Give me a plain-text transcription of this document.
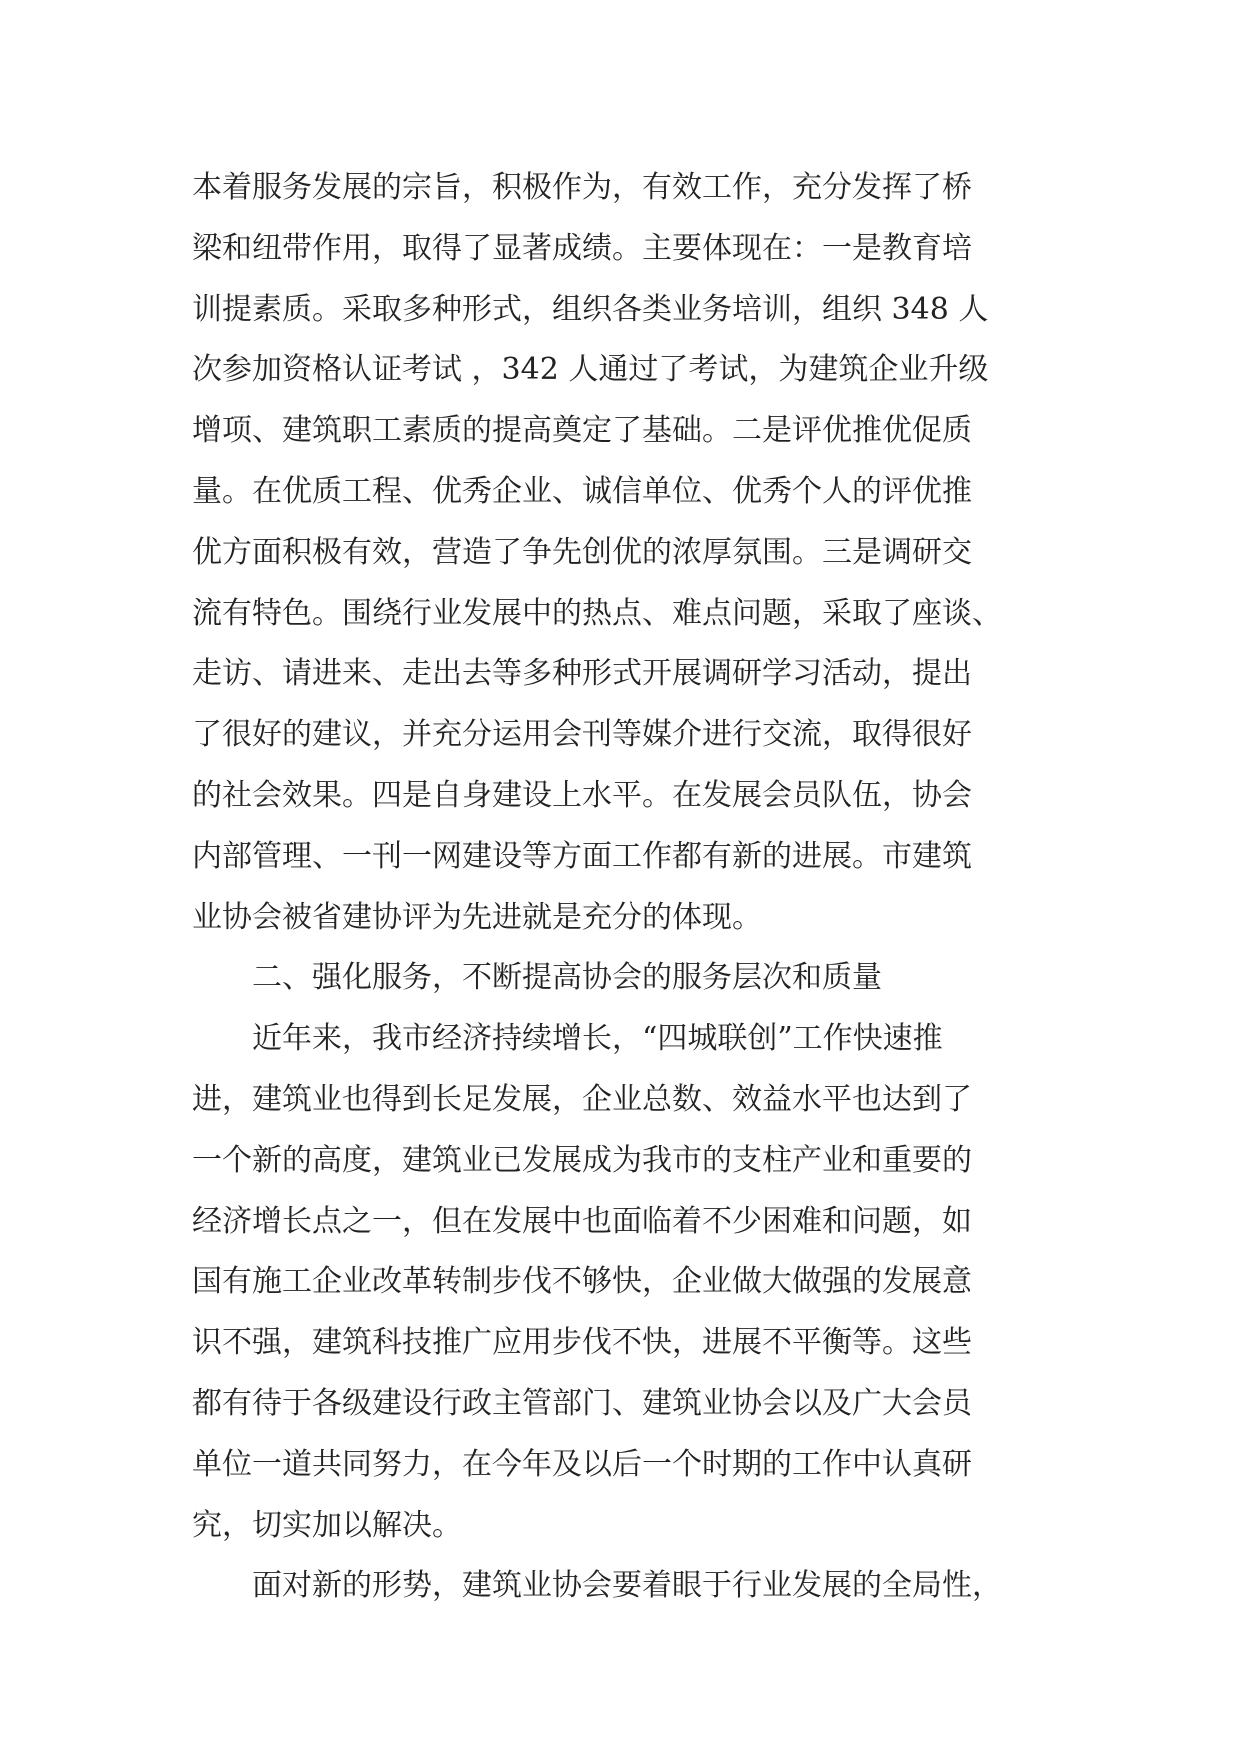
本着服务发展的宗旨，积极作为，有效工作，充分发挥了桥
梁和纽带作用，取得了显著成绩。主要体现在：一是教育培
训提素质。采取多种形式，组织各类业务培训，组织 348 人
次参加资格认证考试 ，342 人通过了考试，为建筑企业升级
增项、建筑职工素质的提高奠定了基础。二是评优推优促质
量。在优质工程、优秀企业、诚信单位、优秀个人的评优推
优方面积极有效，营造了争先创优的浓厚氛围。三是调研交
流有特色。围绕行业发展中的热点、难点问题，采取了座谈、
走访、请进来、走出去等多种形式开展调研学习活动，提出
了很好的建议，并充分运用会刊等媒介进行交流，取得很好
的社会效果。四是自身建设上水平。在发展会员队伍，协会
内部管理、一刊一网建设等方面工作都有新的进展。市建筑
业协会被省建协评为先进就是充分的体现。
二、强化服务，不断提高协会的服务层次和质量
近年来，我市经济持续增长，“四城联创”工作快速推
进，建筑业也得到长足发展，企业总数、效益水平也达到了
一个新的高度，建筑业已发展成为我市的支柱产业和重要的
经济增长点之一，但在发展中也面临着不少困难和问题，如
国有施工企业改革转制步伐不够快，企业做大做强的发展意
识不强，建筑科技推广应用步伐不快，进展不平衡等。这些
都有待于各级建设行政主管部门、建筑业协会以及广大会员
单位一道共同努力，在今年及以后一个时期的工作中认真研
究，切实加以解决。
面对新的形势，建筑业协会要着眼于行业发展的全局性，
